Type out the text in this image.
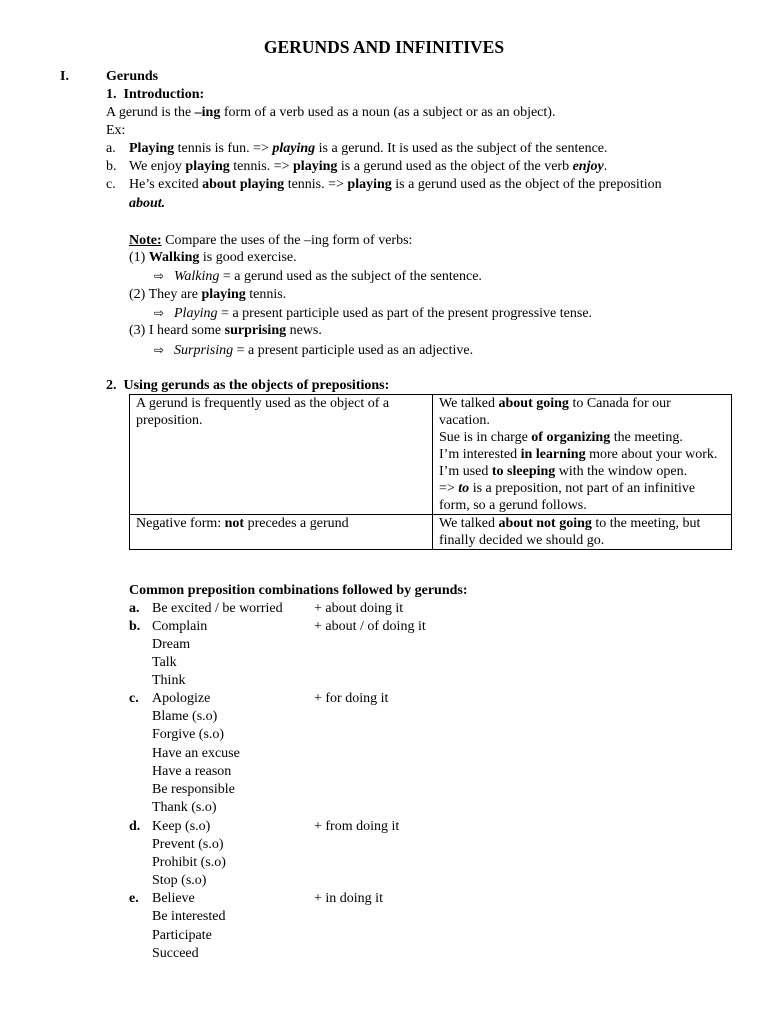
GERUNDS AND INFINITIVES
I.	Gerunds
1.  Introduction:
A gerund is the –ing form of a verb used as a noun (as a subject or as an object).
Ex:
a. Playing tennis is fun. => playing is a gerund. It is used as the subject of the sentence.
b. We enjoy playing tennis. => playing is a gerund used as the object of the verb enjoy.
c. He’s excited about playing tennis. => playing is a gerund used as the object of the preposition
about.
Note: Compare the uses of the –ing form of verbs:
(1) Walking is good exercise.
⇨ Walking = a gerund used as the subject of the sentence.
(2) They are playing tennis.
⇨ Playing = a present participle used as part of the present progressive tense.
(3) I heard some surprising news.
⇨ Surprising = a present participle used as an adjective.
2.  Using gerunds as the objects of prepositions:
A gerund is frequently used as the object of a preposition.	We talked about going to Canada for our vacation.
Sue is in charge of organizing the meeting.
I’m interested in learning more about your work.
I’m used to sleeping with the window open.
=> to is a preposition, not part of an infinitive form, so a gerund follows.

Negative form: not precedes a gerund	We talked about not going to the meeting, but finally decided we should go.
Common preposition combinations followed by gerunds:
a. Be excited / be worried + about doing it
b. Complain
Dream
Talk
Think
+ about / of doing it
c. Apologize
Blame (s.o)
Forgive (s.o)
Have an excuse
Have a reason
Be responsible
Thank (s.o)
+ for doing it
d. Keep (s.o)
Prevent (s.o)
Prohibit (s.o)
Stop (s.o)
+ from doing it
e. Believe
Be interested
Participate
Succeed
+ in doing it
